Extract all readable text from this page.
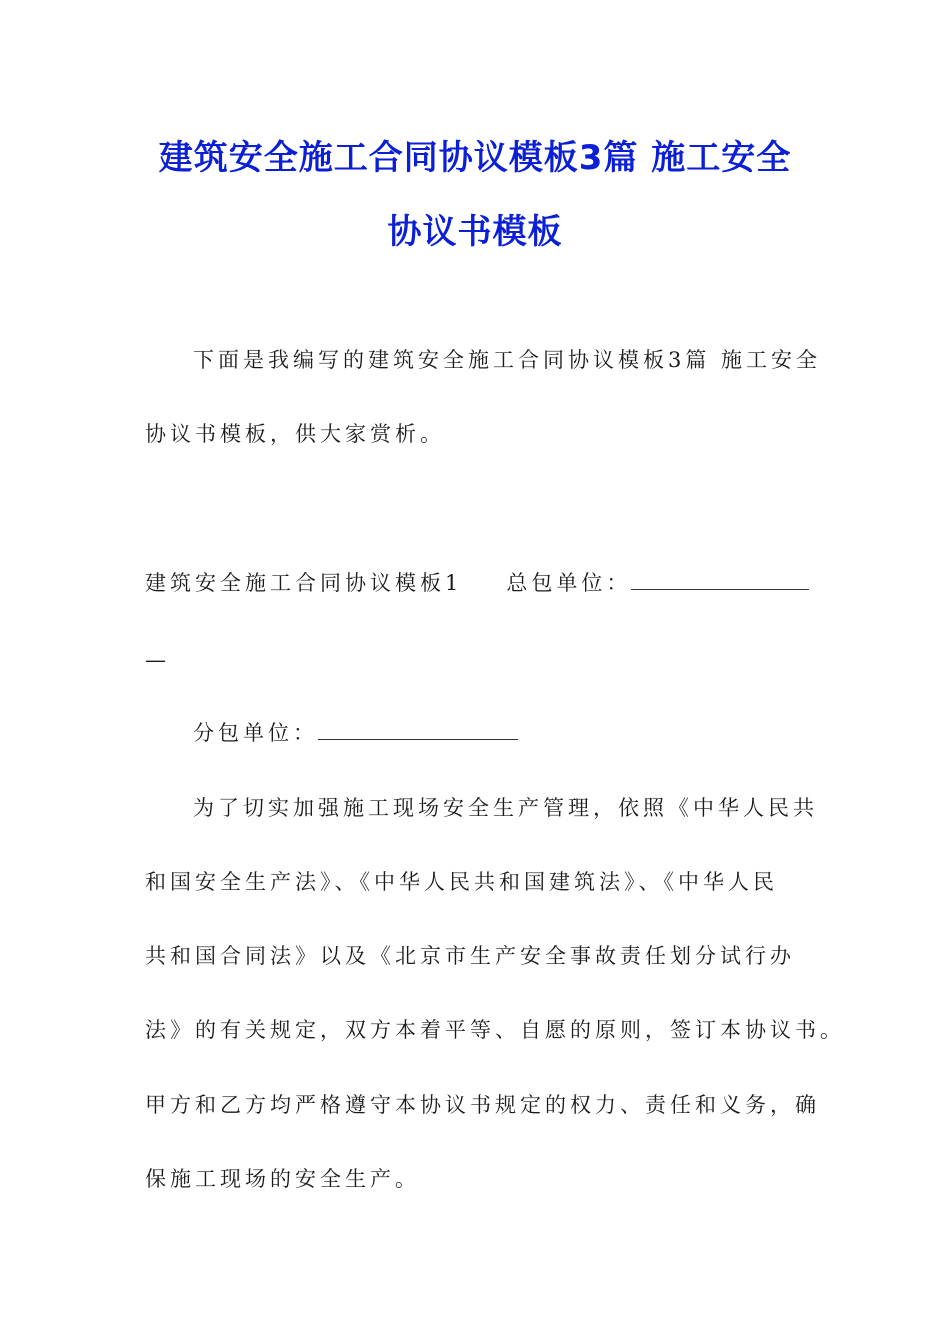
建筑安全施工合同协议模板3篇 施工安全
协议书模板
下面是我编写的建筑安全施工合同协议模板3篇 施工安全
协议书模板，供大家赏析。
建筑安全施工合同协议模板1 总包单位：
—
分包单位：
为了切实加强施工现场安全生产管理，依照《中华人民共
和国安全生产法》、《中华人民共和国建筑法》、《中华人民
共和国合同法》以及《北京市生产安全事故责任划分试行办
法》的有关规定，双方本着平等、自愿的原则，签订本协议书。
甲方和乙方均严格遵守本协议书规定的权力、责任和义务，确
保施工现场的安全生产。
